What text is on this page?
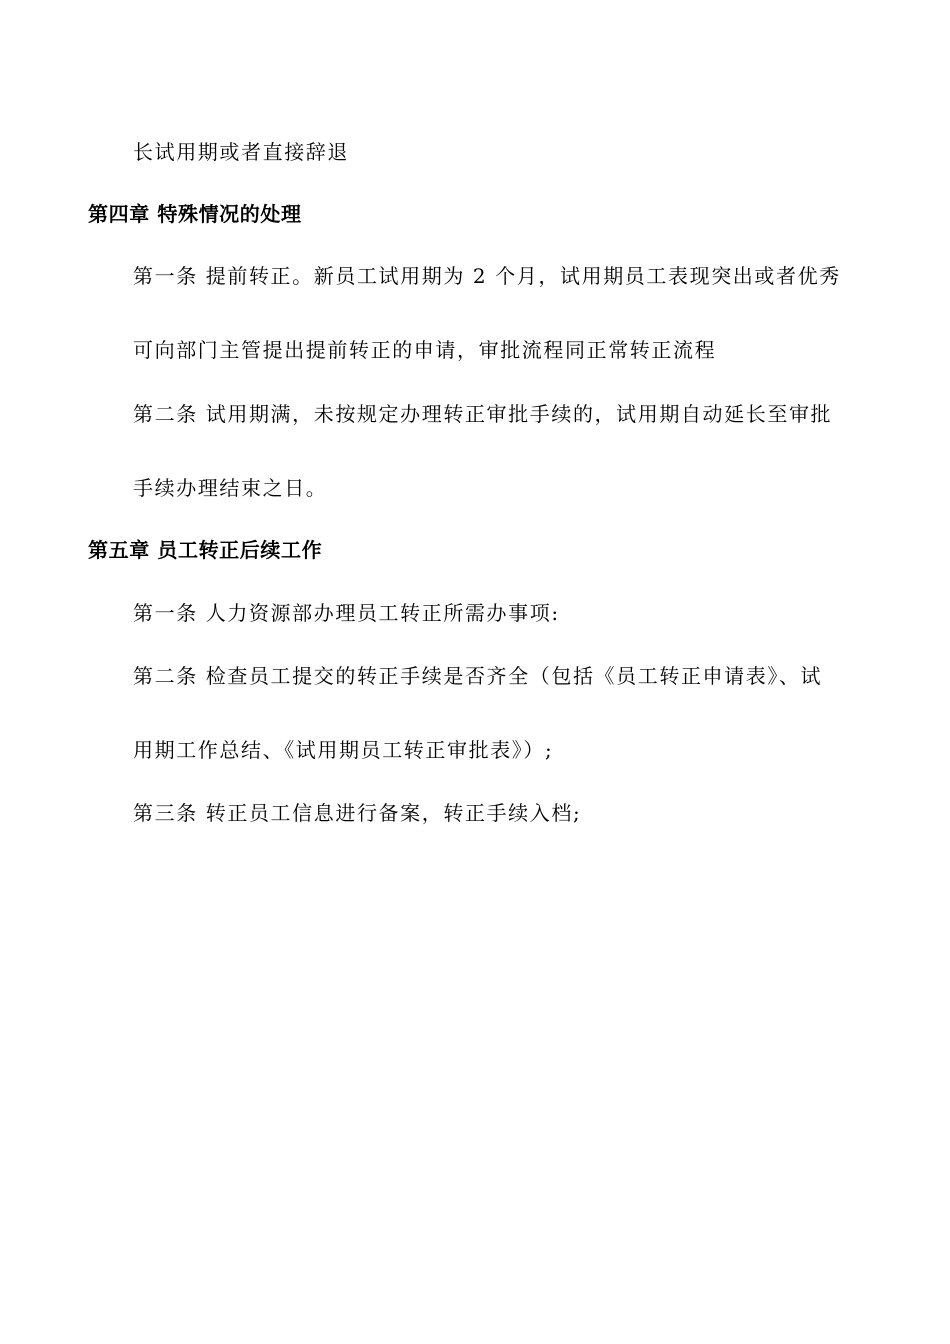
长试用期或者直接辞退
第四章 特殊情况的处理
第一条 提前转正。新员工试用期为 2 个月，试用期员工表现突出或者优秀
可向部门主管提出提前转正的申请，审批流程同正常转正流程
第二条 试用期满，未按规定办理转正审批手续的，试用期自动延长至审批
手续办理结束之日。
第五章 员工转正后续工作
第一条 人力资源部办理员工转正所需办事项:
第二条 检查员工提交的转正手续是否齐全（包括《员工转正申请表》、试
用期工作总结、《试用期员工转正审批表》）;
第三条 转正员工信息进行备案，转正手续入档;
